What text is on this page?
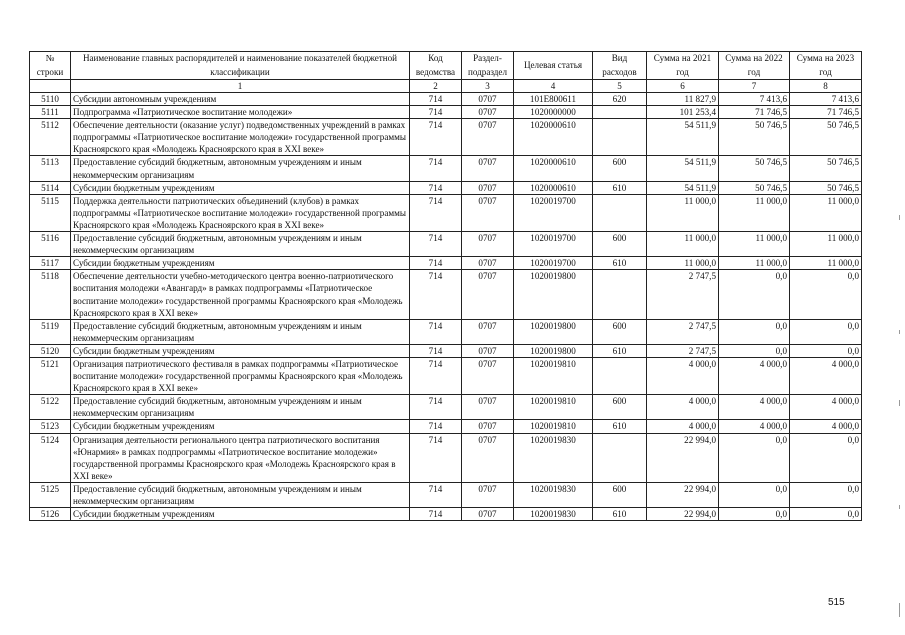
№ строки	Наименование главных распорядителей и наименование показателей бюджетной классификации	Код ведомства	Раздел-подраздел	Целевая статья	Вид расходов	Сумма на 2021 год	Сумма на 2022 год	Сумма на 2023 год
	1	2	3	4	5	6	7	8
5110	Субсидии автономным учреждениям	714	0707	101E800611	620	11 827,9	7 413,6	7 413,6
5111	Подпрограмма «Патриотическое воспитание молодежи»	714	0707	1020000000		101 253,4	71 746,5	71 746,5
5112	Обеспечение деятельности (оказание услуг) подведомственных учреждений в рамках подпрограммы «Патриотическое воспитание молодежи» государственной программы Красноярского края «Молодежь Красноярского края в XXI веке»	714	0707	1020000610		54 511,9	50 746,5	50 746,5
5113	Предоставление субсидий бюджетным, автономным учреждениям и иным некоммерческим организациям	714	0707	1020000610	600	54 511,9	50 746,5	50 746,5
5114	Субсидии бюджетным учреждениям	714	0707	1020000610	610	54 511,9	50 746,5	50 746,5
5115	Поддержка деятельности патриотических объединений (клубов) в рамках подпрограммы «Патриотическое воспитание молодежи» государственной программы Красноярского края «Молодежь Красноярского края в XXI веке»	714	0707	1020019700		11 000,0	11 000,0	11 000,0
5116	Предоставление субсидий бюджетным, автономным учреждениям и иным некоммерческим организациям	714	0707	1020019700	600	11 000,0	11 000,0	11 000,0
5117	Субсидии бюджетным учреждениям	714	0707	1020019700	610	11 000,0	11 000,0	11 000,0
5118	Обеспечение деятельности учебно-методического центра военно-патриотического воспитания молодежи «Авангард» в рамках подпрограммы «Патриотическое воспитание молодежи» государственной программы Красноярского края «Молодежь Красноярского края в XXI веке»	714	0707	1020019800		2 747,5	0,0	0,0
5119	Предоставление субсидий бюджетным, автономным учреждениям и иным некоммерческим организациям	714	0707	1020019800	600	2 747,5	0,0	0,0
5120	Субсидии бюджетным учреждениям	714	0707	1020019800	610	2 747,5	0,0	0,0
5121	Организация патриотического фестиваля в рамках подпрограммы «Патриотическое воспитание молодежи» государственной программы Красноярского края «Молодежь Красноярского края в XXI веке»	714	0707	1020019810		4 000,0	4 000,0	4 000,0
5122	Предоставление субсидий бюджетным, автономным учреждениям и иным некоммерческим организациям	714	0707	1020019810	600	4 000,0	4 000,0	4 000,0
5123	Субсидии бюджетным учреждениям	714	0707	1020019810	610	4 000,0	4 000,0	4 000,0
5124	Организация деятельности регионального центра патриотического воспитания «Юнармия» в рамках подпрограммы «Патриотическое воспитание молодежи» государственной программы Красноярского края «Молодежь Красноярского края в XXI веке»	714	0707	1020019830		22 994,0	0,0	0,0
5125	Предоставление субсидий бюджетным, автономным учреждениям и иным некоммерческим организациям	714	0707	1020019830	600	22 994,0	0,0	0,0
5126	Субсидии бюджетным учреждениям	714	0707	1020019830	610	22 994,0	0,0	0,0
515
